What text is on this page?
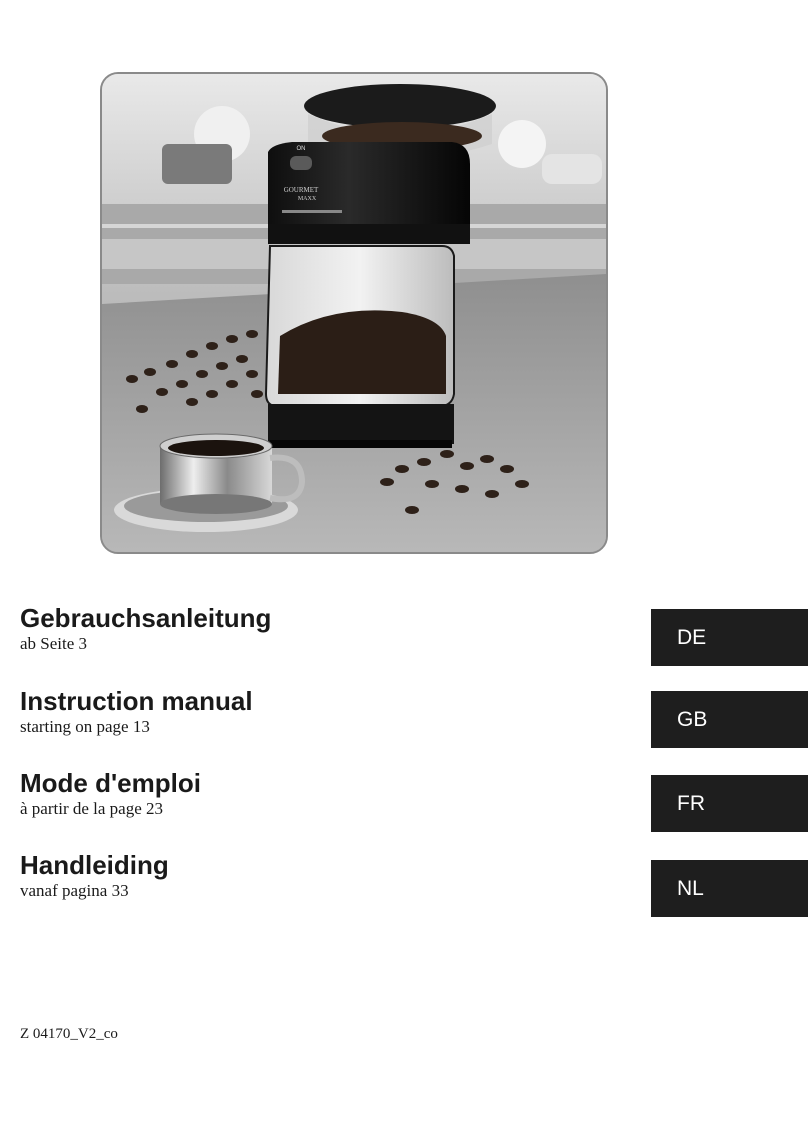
ON
GOURMET
MAXX
Gebrauchsanleitung

ab Seite 3

Instruction manual

starting on page 13

Mode d'emploi

à partir de la page 23

Handleiding

vanaf pagina 33

DE
GB
FR
NL
Z 04170_V2_co
